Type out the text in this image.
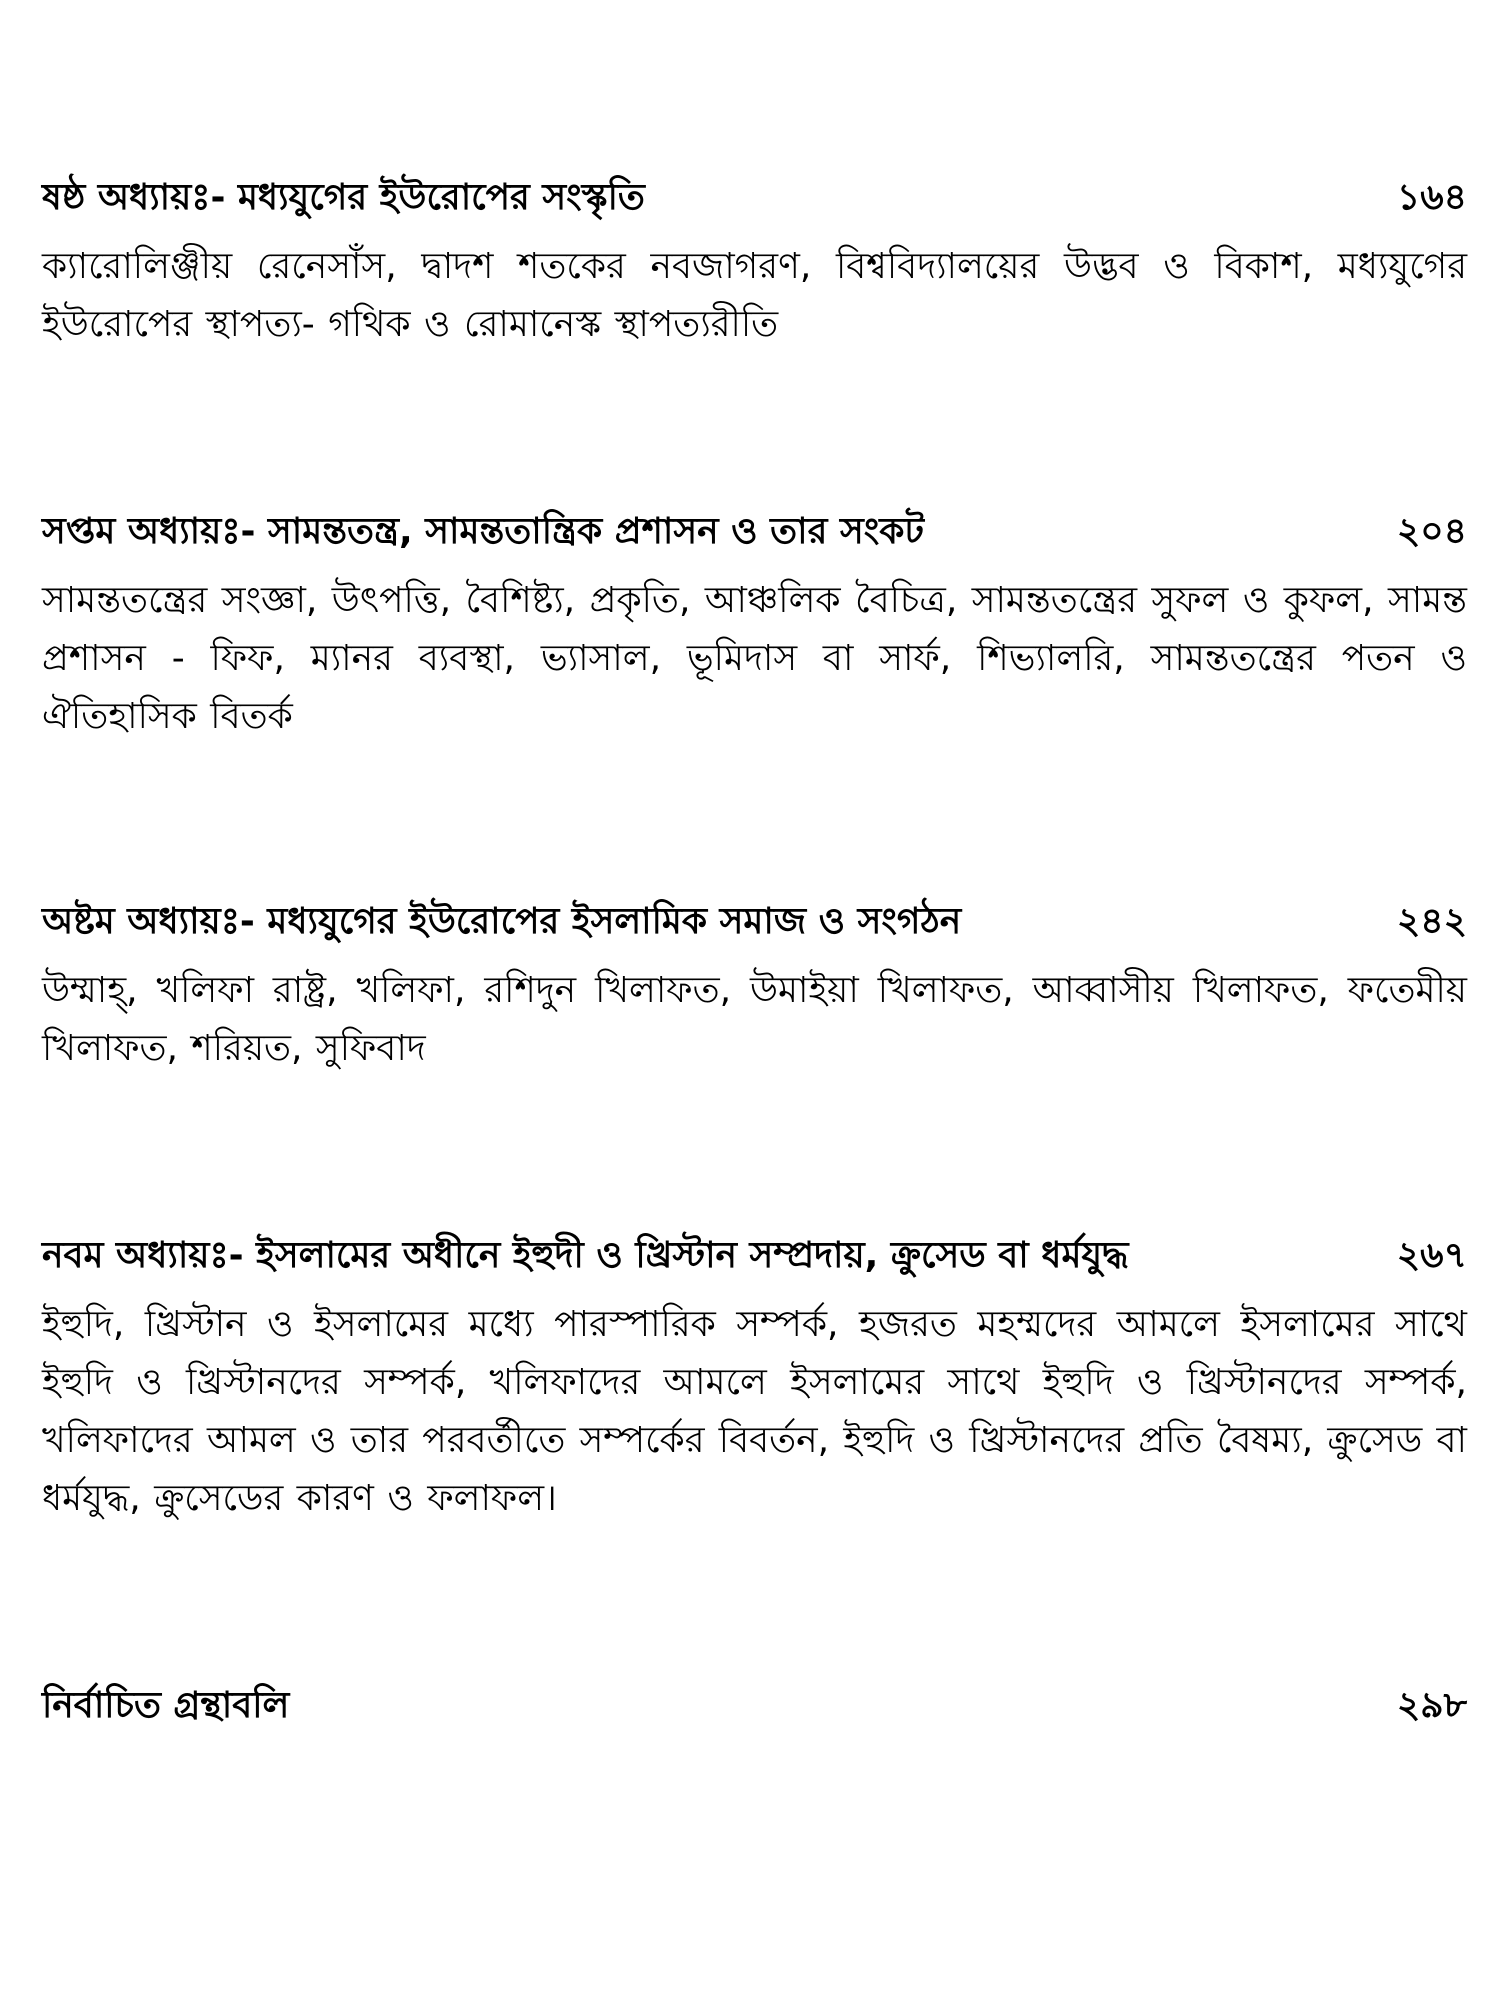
ষষ্ঠ অধ্যায়ঃ- মধ্যযুগের ইউরোপের সংস্কৃতি	১৬৪
ক্যারোলিঞ্জীয় রেনেসাঁস, দ্বাদশ শতকের নবজাগরণ, বিশ্ববিদ্যালয়ের উদ্ভব ও বিকাশ, মধ্যযুগের ইউরোপের স্থাপত্য- গথিক ও রোমানেস্ক স্থাপত্যরীতি
সপ্তম অধ্যায়ঃ- সামন্ততন্ত্র, সামন্ততান্ত্রিক প্রশাসন ও তার সংকট	২০৪
সামন্ততন্ত্রের সংজ্ঞা, উৎপত্তি, বৈশিষ্ট্য, প্রকৃতি, আঞ্চলিক বৈচিত্র, সামন্ততন্ত্রের সুফল ও কুফল, সামন্ত প্রশাসন - ফিফ, ম্যানর ব্যবস্থা, ভ্যাসাল, ভূমিদাস বা সার্ফ, শিভ্যালরি, সামন্ততন্ত্রের পতন ও ঐতিহাসিক বিতর্ক
অষ্টম অধ্যায়ঃ- মধ্যযুগের ইউরোপের ইসলামিক সমাজ ও সংগঠন	২৪২
উম্মাহ্, খলিফা রাষ্ট্র, খলিফা, রশিদুন খিলাফত, উমাইয়া খিলাফত, আব্বাসীয় খিলাফত, ফতেমীয় খিলাফত, শরিয়ত, সুফিবাদ
নবম অধ্যায়ঃ- ইসলামের অধীনে ইহুদী ও খ্রিস্টান সম্প্রদায়, ক্রুসেড বা ধর্মযুদ্ধ	২৬৭
ইহুদি, খ্রিস্টান ও ইসলামের মধ্যে পারস্পারিক সম্পর্ক, হজরত মহম্মদের আমলে ইসলামের সাথে ইহুদি ও খ্রিস্টানদের সম্পর্ক, খলিফাদের আমলে ইসলামের সাথে ইহুদি ও খ্রিস্টানদের সম্পর্ক, খলিফাদের আমল ও তার পরবর্তীতে সম্পর্কের বিবর্তন, ইহুদি ও খ্রিস্টানদের প্রতি বৈষম্য, ক্রুসেড বা ধর্মযুদ্ধ, ক্রুসেডের কারণ ও ফলাফল।
নির্বাচিত গ্রন্থাবলি	২৯৮
